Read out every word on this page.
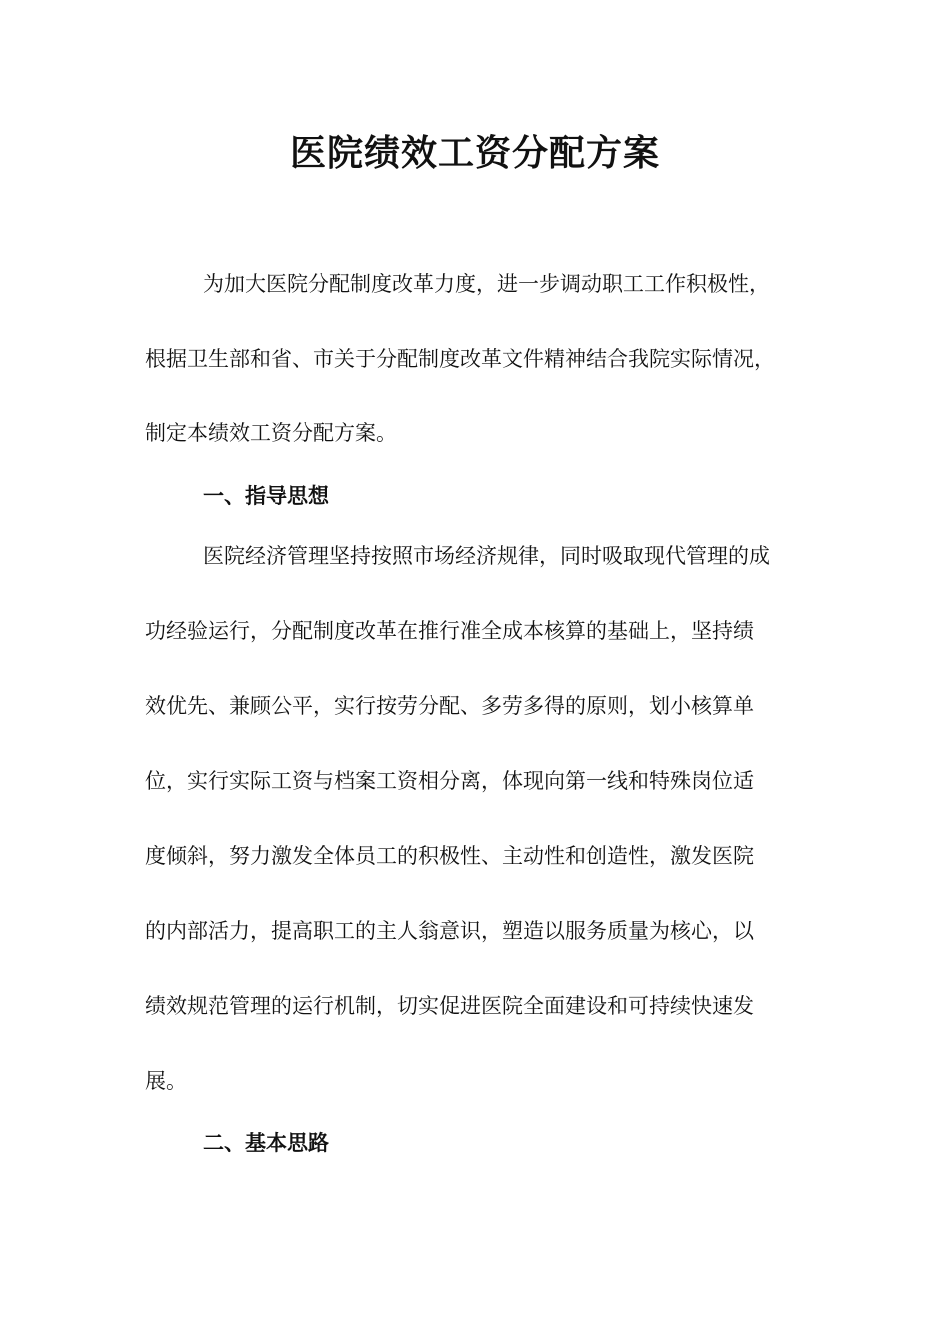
医院绩效工资分配方案

为加大医院分配制度改革力度，进一步调动职工工作积极性，

根据卫生部和省、市关于分配制度改革文件精神结合我院实际情况，

制定本绩效工资分配方案。

一、指导思想

医院经济管理坚持按照市场经济规律，同时吸取现代管理的成

功经验运行，分配制度改革在推行准全成本核算的基础上，坚持绩

效优先、兼顾公平，实行按劳分配、多劳多得的原则，划小核算单

位，实行实际工资与档案工资相分离，体现向第一线和特殊岗位适

度倾斜，努力激发全体员工的积极性、主动性和创造性，激发医院

的内部活力，提高职工的主人翁意识，塑造以服务质量为核心，以

绩效规范管理的运行机制，切实促进医院全面建设和可持续快速发

展。

二、基本思路
